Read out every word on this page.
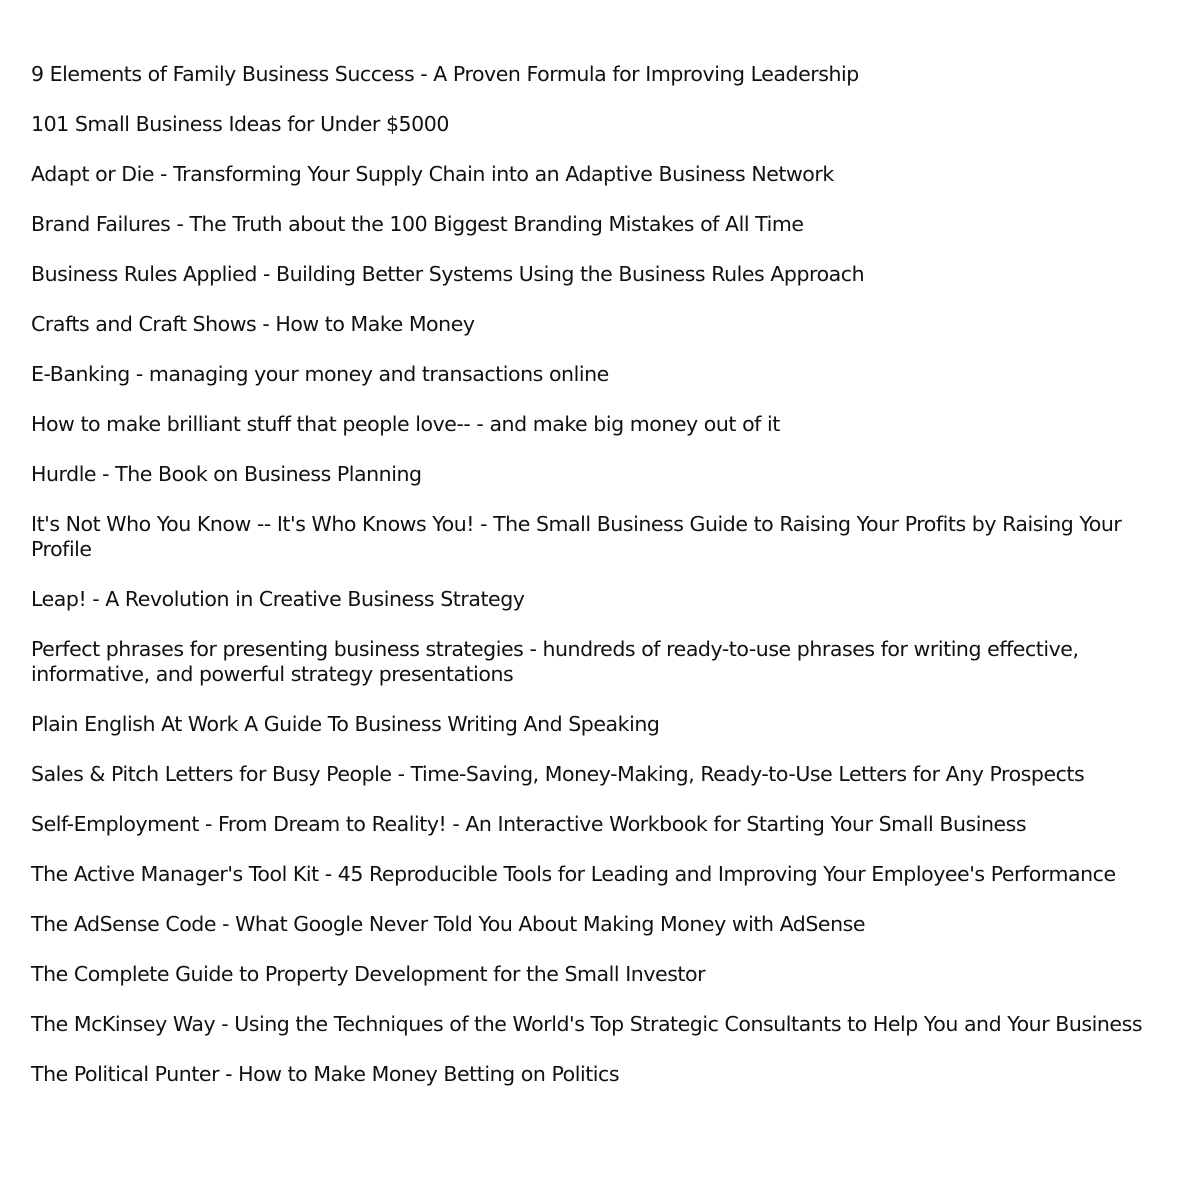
9 Elements of Family Business Success - A Proven Formula for Improving Leadership
101 Small Business Ideas for Under $5000
Adapt or Die - Transforming Your Supply Chain into an Adaptive Business Network
Brand Failures - The Truth about the 100 Biggest Branding Mistakes of All Time
Business Rules Applied - Building Better Systems Using the Business Rules Approach
Crafts and Craft Shows - How to Make Money
E-Banking - managing your money and transactions online
How to make brilliant stuff that people love-- - and make big money out of it
Hurdle - The Book on Business Planning
It's Not Who You Know -- It's Who Knows You! - The Small Business Guide to Raising Your Profits by Raising Your Profile
Leap! - A Revolution in Creative Business Strategy
Perfect phrases for presenting business strategies - hundreds of ready-to-use phrases for writing effective, informative, and powerful strategy presentations
Plain English At Work A Guide To Business Writing And Speaking
Sales & Pitch Letters for Busy People - Time-Saving, Money-Making, Ready-to-Use Letters for Any Prospects
Self-Employment - From Dream to Reality! - An Interactive Workbook for Starting Your Small Business
The Active Manager's Tool Kit - 45 Reproducible Tools for Leading and Improving Your Employee's Performance
The AdSense Code - What Google Never Told You About Making Money with AdSense
The Complete Guide to Property Development for the Small Investor
The McKinsey Way - Using the Techniques of the World's Top Strategic Consultants to Help You and Your Business
The Political Punter - How to Make Money Betting on Politics
